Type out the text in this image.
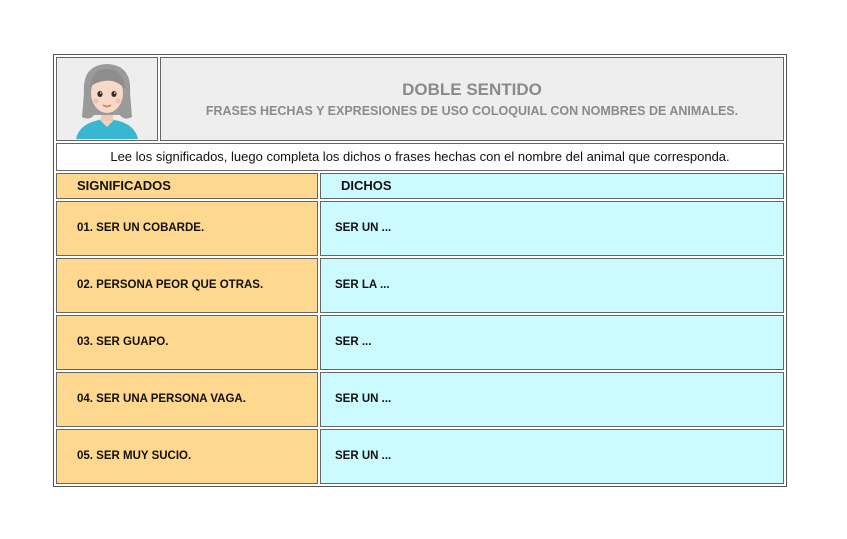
DOBLE SENTIDO
FRASES HECHAS Y EXPRESIONES DE USO COLOQUIAL CON NOMBRES DE ANIMALES.
Lee los significados, luego completa los dichos o frases hechas con el nombre del animal que corresponda.
SIGNIFICADOS	DICHOS
01. SER UN COBARDE.	SER UN ...
02. PERSONA PEOR QUE OTRAS.	SER LA ...
03. SER GUAPO.	SER ...
04. SER UNA PERSONA VAGA.	SER UN ...
05. SER MUY SUCIO.	SER UN ...
